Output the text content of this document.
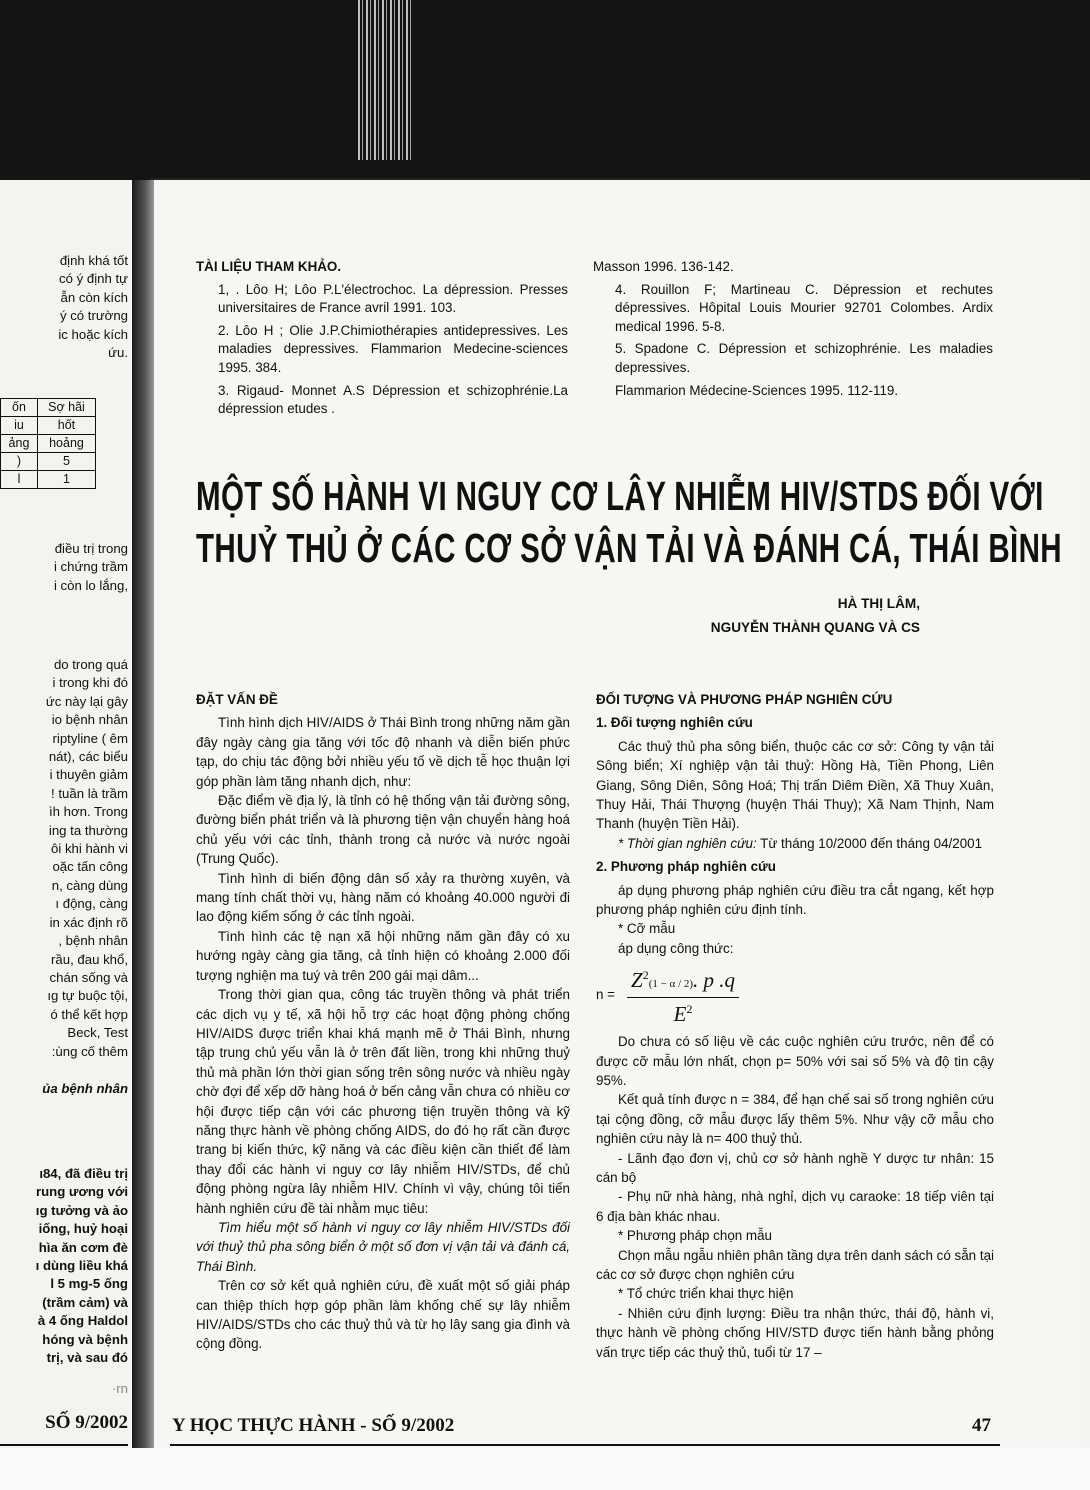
định khá tốt
có ý định tự
ẫn còn kích
ý có trường
ic hoặc kích
ứu.
ốn	Sợ hãi
iu	hốt
ảng	hoảng
)	5
l	1
điều trị trong
i chứng trầm
i còn lo lắng,
do trong quá
i trong khi đó
ức này lại gây
io bệnh nhân
riptyline ( êm
nát), các biểu
i thuyên giảm
! tuần là trầm
ìh hơn. Trong
ing ta thường
ôi khi hành vi
oặc tấn công
n, càng dùng
ı động, càng
in xác định rõ
, bệnh nhân
rầu, đau khổ,
chán sống và
ıg tự buộc tội,
ó thể kết hợp
Beck, Test
:ùng cố thêm
ủa bệnh nhân
ı84, đã điều trị
rung ương với
ıg tưởng và ảo
iống, huỷ hoại
hìa ăn cơm đè
ı dùng liều khá
l 5 mg-5 ống
(trầm cảm) và
à 4 ống Haldol
hóng và bệnh
trị, và sau đó
·rn
SỐ 9/2002
TÀI LIỆU THAM KHẢO.

1, . Lôo H; Lôo P.L'électrochoc. La dépression. Presses universitaires de France avril 1991. 103.

2. Lôo H ; Olie J.P.Chimiothérapies antidepressives. Les maladies depressives. Flammarion Medecine-sciences 1995. 384.

3. Rigaud- Monnet A.S Dépression et schizophrénie.La dépression etudes .

Masson 1996. 136-142.

4. Rouillon F; Martineau C. Dépression et rechutes dépressives. Hôpital Louis Mourier 92701 Colombes. Ardix medical 1996. 5-8.

5. Spadone C. Dépression et schizophrénie. Les maladies depressives.

Flammarion Médecine-Sciences 1995. 112-119.

MỘT SỐ HÀNH VI NGUY CƠ LÂY NHIỄM HIV/STDS ĐỐI VỚI
THUỶ THỦ Ở CÁC CƠ SỞ VẬN TẢI VÀ ĐÁNH CÁ, THÁI BÌNH
HÀ THỊ LÂM,
NGUYỄN THÀNH QUANG VÀ CS
ĐẶT VẤN ĐỀ

Tình hình dịch HIV/AIDS ở Thái Bình trong những năm gần đây ngày càng gia tăng với tốc độ nhanh và diễn biến phức tạp, do chịu tác động bởi nhiều yếu tố về dịch tễ học thuận lợi góp phần làm tăng nhanh dịch, như:

Đặc điểm về địa lý, là tỉnh có hệ thống vận tải đường sông, đường biển phát triển và là phương tiện vận chuyển hàng hoá chủ yếu với các tỉnh, thành trong cả nước và nước ngoài (Trung Quốc).

Tình hình di biến động dân số xảy ra thường xuyên, và mang tính chất thời vụ, hàng năm có khoảng 40.000 người đi lao động kiếm sống ở các tỉnh ngoài.

Tình hình các tệ nạn xã hội những năm gần đây có xu hướng ngày càng gia tăng, cả tỉnh hiện có khoảng 2.000 đối tượng nghiện ma tuý và trên 200 gái mại dâm...

Trong thời gian qua, công tác truyền thông và phát triển các dịch vụ y tế, xã hội hỗ trợ các hoạt động phòng chống HIV/AIDS được triển khai khá mạnh mẽ ở Thái Bình, nhưng tập trung chủ yếu vẫn là ở trên đất liền, trong khi những thuỷ thủ mà phần lớn thời gian sống trên sông nước và nhiều ngày chờ đợi để xếp dỡ hàng hoá ở bến cảng vẫn chưa có nhiều cơ hội được tiếp cận với các phương tiện truyền thông và kỹ năng thực hành về phòng chống AIDS, do đó họ rất cần được trang bị kiến thức, kỹ năng và các điều kiện cần thiết để làm thay đổi các hành vi nguy cơ lây nhiễm HIV/STDs, để chủ động phòng ngừa lây nhiễm HIV. Chính vì vậy, chúng tôi tiến hành nghiên cứu đề tài nhằm mục tiêu:

Tìm hiểu một số hành vi nguy cơ lây nhiễm HIV/STDs đối với thuỷ thủ pha sông biển ở một số đơn vị vận tải và đánh cá, Thái Bình.

Trên cơ sở kết quả nghiên cứu, đề xuất một số giải pháp can thiệp thích hợp góp phần làm khống chế sự lây nhiễm HIV/AIDS/STDs cho các thuỷ thủ và từ họ lây sang gia đình và cộng đồng.

ĐỐI TƯỢNG VÀ PHƯƠNG PHÁP NGHIÊN CỨU
1. Đối tượng nghiên cứu

Các thuỷ thủ pha sông biển, thuộc các cơ sở: Công ty vận tải Sông biển; Xí nghiệp vận tải thuỷ: Hồng Hà, Tiền Phong, Liên Giang, Sông Diên, Sông Hoá; Thị trấn Diêm Điền, Xã Thuy Xuân, Thuy Hải, Thái Thượng (huyện Thái Thuy); Xã Nam Thịnh, Nam Thanh (huyện Tiền Hải).

* Thời gian nghiên cứu: Từ tháng 10/2000 đến tháng 04/2001

2. Phương pháp nghiên cứu

áp dụng phương pháp nghiên cứu điều tra cắt ngang, kết hợp phương pháp nghiên cứu định tính.

* Cỡ mẫu

áp dụng công thức:

$n = \frac{Z^2(1 - \alpha / 2). p .q}{E^2}$

Do chưa có số liệu về các cuộc nghiên cứu trước, nên để có được cỡ mẫu lớn nhất, chọn p= 50% với sai số 5% và độ tin cậy 95%.

Kết quả tính được n = 384, để hạn chế sai số trong nghiên cứu tại cộng đồng, cỡ mẫu được lấy thêm 5%. Như vậy cỡ mẫu cho nghiên cứu này là n= 400 thuỷ thủ.

- Lãnh đạo đơn vị, chủ cơ sở hành nghề Y dược tư nhân: 15 cán bộ

- Phụ nữ nhà hàng, nhà nghỉ, dịch vụ caraoke: 18 tiếp viên tại 6 địa bàn khác nhau.

* Phương pháp chọn mẫu

Chọn mẫu ngẫu nhiên phân tầng dựa trên danh sách có sẵn tại các cơ sở được chọn nghiên cứu

* Tổ chức triển khai thực hiện

- Nhiên cứu định lượng: Điều tra nhận thức, thái độ, hành vi, thực hành về phòng chống HIV/STD được tiến hành bằng phỏng vấn trực tiếp các thuỷ thủ, tuổi từ 17 –

Y HỌC THỰC HÀNH - SỐ 9/2002	47
